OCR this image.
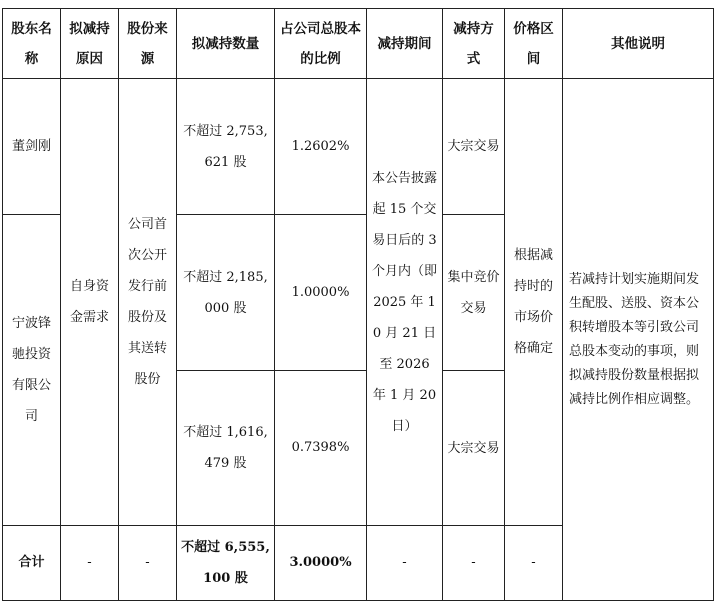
股东名称	拟减持原因	股份来源	拟减持数量	占公司总股本的比例	减持期间	减持方式	价格区间	其他说明
董剑刚	自身资金需求	公司首次公开发行前股份及其送转股份	不超过 2,753,621 股	1.2602%	本公告披露起 15 个交易日后的 3 个月内（即 2025 年 10 月 21 日至 2026 年 1 月 20 日）	大宗交易	根据减持时的市场价格确定	若减持计划实施期间发生配股、送股、资本公积转增股本等引致公司总股本变动的事项，则拟减持股份数量根据拟减持比例作相应调整。
宁波锋驰投资有限公司			不超过 2,185,000 股	1.0000%		集中竞价交易		
			不超过 1,616,479 股	0.7398%		大宗交易		
合计	-	-	不超过 6,555,100 股	3.0000%	-	-	-	
